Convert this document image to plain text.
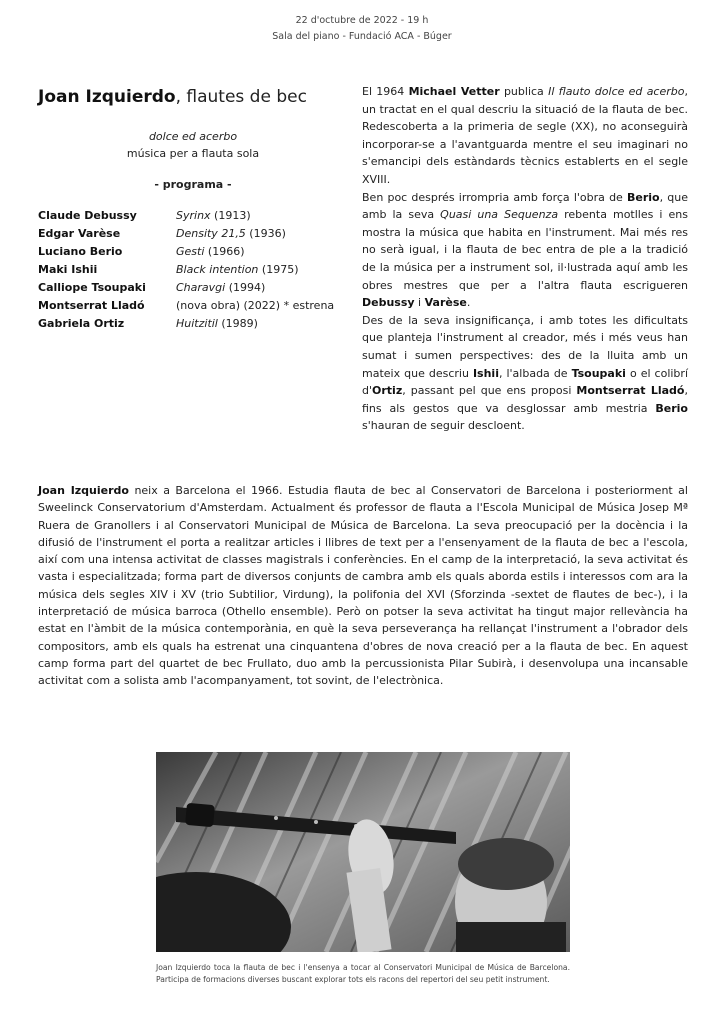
22 d'octubre de 2022 - 19 h
Sala del piano - Fundació ACA - Búger
Joan Izquierdo, flautes de bec
dolce ed acerbo
música per a flauta sola
- programa -
Claude Debussy	Syrinx (1913)
Edgar Varèse	Density 21,5 (1936)
Luciano Berio	Gesti (1966)
Maki Ishii	Black intention (1975)
Calliope Tsoupaki	Charavgi (1994)
Montserrat Lladó	(nova obra) (2022) * estrena
Gabriela Ortiz	Huitzitil (1989)

El 1964 Michael Vetter publica Il flauto dolce ed acerbo, un tractat en el qual descriu la situació de la flauta de bec. Redescoberta a la primeria de segle (XX), no aconseguirà incorporar-se a l'avantguarda mentre el seu imaginari no s'emancipi dels estàndards tècnics establerts en el segle XVIII.

Ben poc després irrompria amb força l'obra de Berio, que amb la seva Quasi una Sequenza rebenta motlles i ens mostra la música que habita en l'instrument. Mai més res no serà igual, i la flauta de bec entra de ple a la tradició de la música per a instrument sol, il·lustrada aquí amb les obres mestres que per a l'altra flauta escrigueren Debussy i Varèse.

Des de la seva insignificança, i amb totes les dificultats que planteja l'instrument al creador, més i més veus han sumat i sumen perspectives: des de la lluita amb un mateix que descriu Ishii, l'albada de Tsoupaki o el colibrí d'Ortiz, passant pel que ens proposi Montserrat Lladó, fins als gestos que va desglossar amb mestria Berio s'hauran de seguir descloent.

Joan Izquierdo neix a Barcelona el 1966. Estudia flauta de bec al Conservatori de Barcelona i posteriorment al Sweelinck Conservatorium d'Amsterdam. Actualment és professor de flauta a l'Escola Municipal de Música Josep Mª Ruera de Granollers i al Conservatori Municipal de Música de Barcelona. La seva preocupació per la docència i la difusió de l'instrument el porta a realitzar articles i llibres de text per a l'ensenyament de la flauta de bec a l'escola, així com una intensa activitat de classes magistrals i conferències. En el camp de la interpretació, la seva activitat és vasta i especialitzada; forma part de diversos conjunts de cambra amb els quals aborda estils i interessos com ara la música dels segles XIV i XV (trio Subtilior, Virdung), la polifonia del XVI (Sforzinda -sextet de flautes de bec-), i la interpretació de música barroca (Othello ensemble). Però on potser la seva activitat ha tingut major rellevància ha estat en l'àmbit de la música contemporània, en què la seva perseverança ha rellançat l'instrument a l'obrador dels compositors, amb els quals ha estrenat una cinquantena d'obres de nova creació per a la flauta de bec. En aquest camp forma part del quartet de bec Frullato, duo amb la percussionista Pilar Subirà, i desenvolupa una incansable activitat com a solista amb l'acompanyament, tot sovint, de l'electrònica.

Joan Izquierdo toca la flauta de bec i l'ensenya a tocar al Conservatori Municipal de Música de Barcelona. Participa de formacions diverses buscant explorar tots els racons del repertori del seu petit instrument.
